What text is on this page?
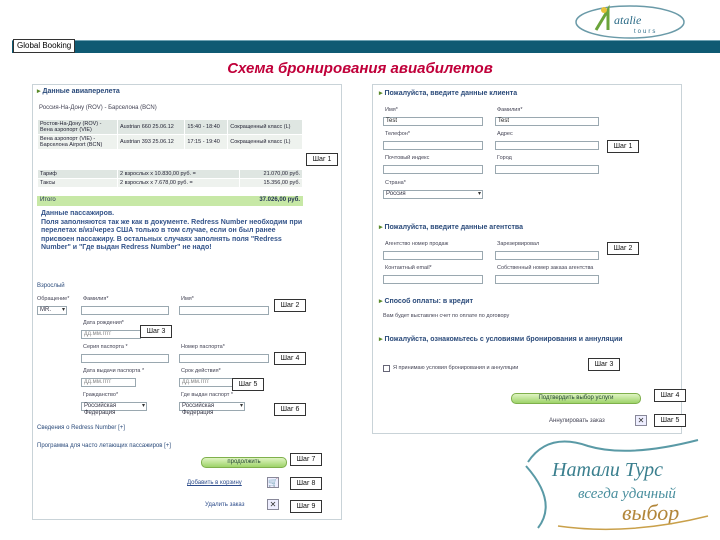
Global Booking
atalie
tours
Схема бронирования авиабилетов
▸ Данные авиаперелета
Россия-На-Дону (ROV) - Барселона (BCN)
Ростов-На-Дону (ROV) - Вена аэропорт (VIE)	Austrian 660 25.06.12	15:40 - 18:40	Сокращенный класс (L)
Вена аэропорт (VIE) - Барселона Airport (BCN)	Austrian 393 25.06.12	17:15 - 19:40	Сокращенный класс (L)
Тариф	2 взрослых x 10.830,00 руб. =	21.070,00 руб.
Таксы	2 взрослых x 7.678,00 руб. =	15.356,00 руб.
Итого	37.026,00 руб.
Данные пассажиров.
Поля заполняются так же как в документе. Redress Number необходим при перелетах в/из/через США только в том случае, если он был ранее присвоен пассажиру. В остальных случаях заполнять поля "Redress Number" и "Где выдан Redress Number" не надо!
Взрослый
Обращение* Фамилия*	Имя*
MR. ▾
Дата рождения*
дд.мм.гггг
Серия паспорта *	Номер паспорта*
Дата выдачи паспорта *	Срок действия*
дд.мм.гггг	дд.мм.гггг
Гражданство*	Где выдан паспорт *
Российская Федерация ▾
Российская Федерация ▾
Сведения о Redress Number [+]
Программа для часто летающих пассажиров [+]
продолжить
Добавить в корзину	🛒
Удалить заказ	✕
Шаг 1
Шаг 2
Шаг 3
Шаг 4
Шаг 5
Шаг 6
Шаг 7
Шаг 8
Шаг 9
▸ Пожалуйста, введите данные клиента
Имя*	Фамилия*
Test	Test
Телефон*	Адрес
Почтовый индекс	Город
Страна*
Россия ▾
▸ Пожалуйста, введите данные агентства
Агентство номер продаж	Зарезервировал
Контактный email*	Собственный номер заказа агентства
▸ Способ оплаты: в кредит
Вам будет выставлен счет по оплате по договору
▸ Пожалуйста, ознакомьтесь с условиями бронирования и аннуляции
Я принимаю условия бронирования и аннуляции
Подтвердить выбор услуги
Аннулировать заказ	✕
Шаг 1
Шаг 2
Шаг 3
Шаг 4
Шаг 5
Натали Турс
всегда удачный
выбор
